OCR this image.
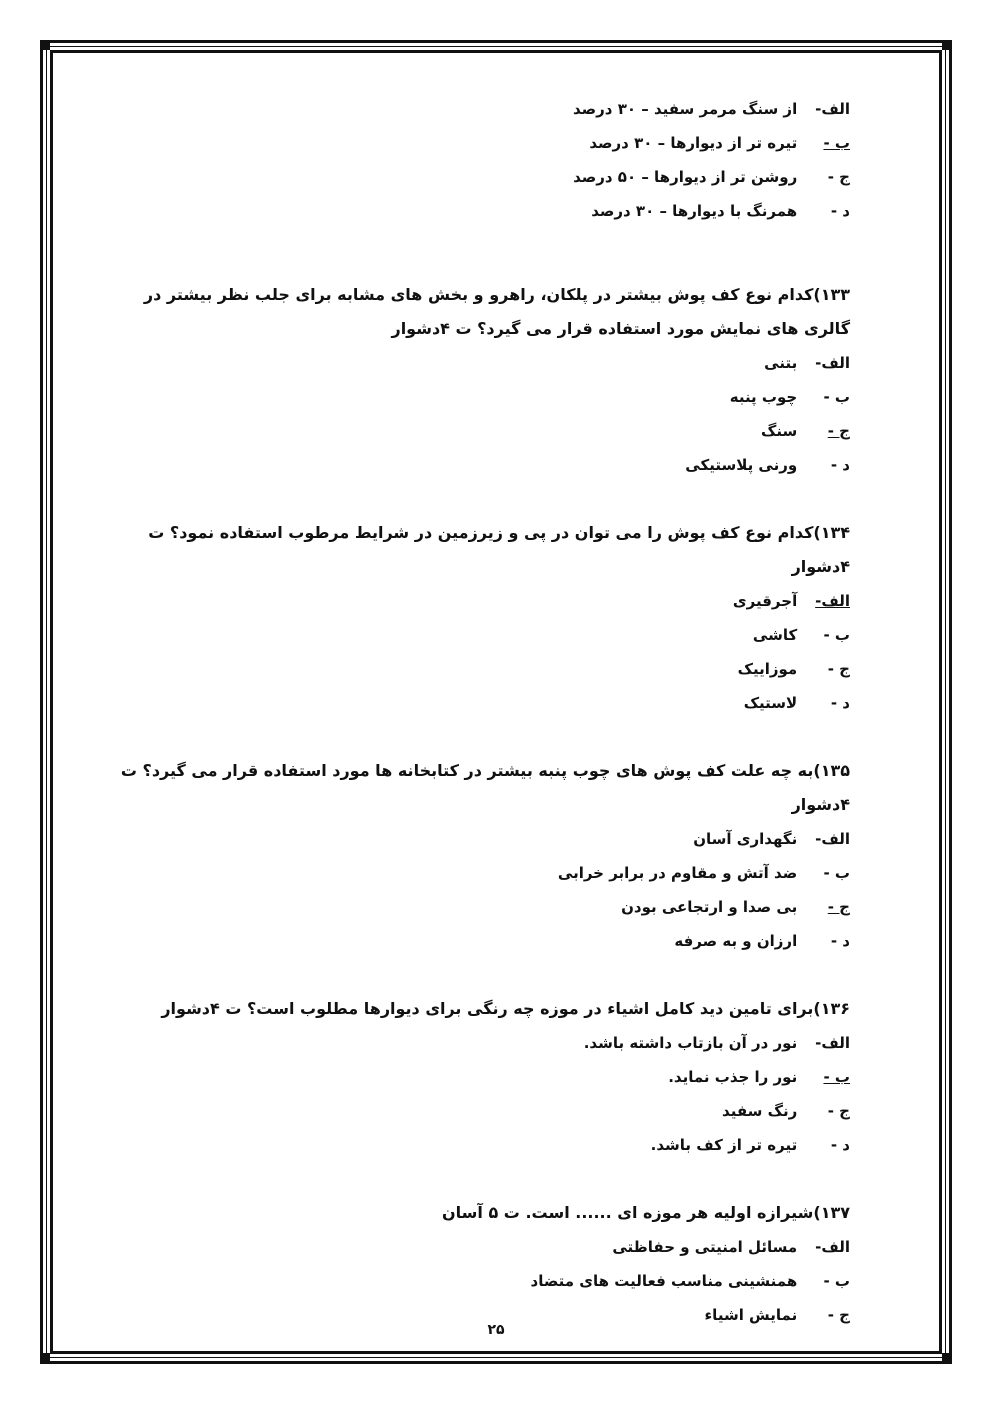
الف- از سنگ مرمر سفید – ۳۰ درصد

ب - تیره تر از دیوارها – ۳۰ درصد

ج - روشن تر از دیوارها – ۵۰ درصد

د - همرنگ با دیوارها – ۳۰ درصد

۱۳۳)کدام نوع کف پوش بیشتر در پلکان، راهرو و بخش های مشابه برای جلب نظر بیشتر در گالری های نمایش مورد استفاده قرار می گیرد؟ ت ۴دشوار

الف- بتنی

ب - چوب پنبه

ج - سنگ

د - ورنی پلاستیکی

۱۳۴)کدام نوع کف پوش را می توان در پی و زیرزمین در شرایط مرطوب استفاده نمود؟ ت ۴دشوار

الف- آجرقیری

ب - کاشی

ج - موزاییک

د - لاستیک

۱۳۵)به چه علت کف پوش های چوب پنبه بیشتر در کتابخانه ها مورد استفاده قرار می گیرد؟ ت ۴دشوار

الف- نگهداری آسان

ب - ضد آتش و مقاوم در برابر خرابی

ج - بی صدا و ارتجاعی بودن

د - ارزان و به صرفه

۱۳۶)برای تامین دید کامل اشیاء در موزه چه رنگی برای دیوارها مطلوب است؟ ت ۴دشوار

الف- نور در آن بازتاب داشته باشد.

ب - نور را جذب نماید.

ج - رنگ سفید

د - تیره تر از کف باشد.

۱۳۷)شیرازه اولیه هر موزه ای ...... است. ت ۵ آسان

الف- مسائل امنیتی و حفاظتی

ب - همنشینی مناسب فعالیت های متضاد

ج - نمایش اشیاء

۲۵
